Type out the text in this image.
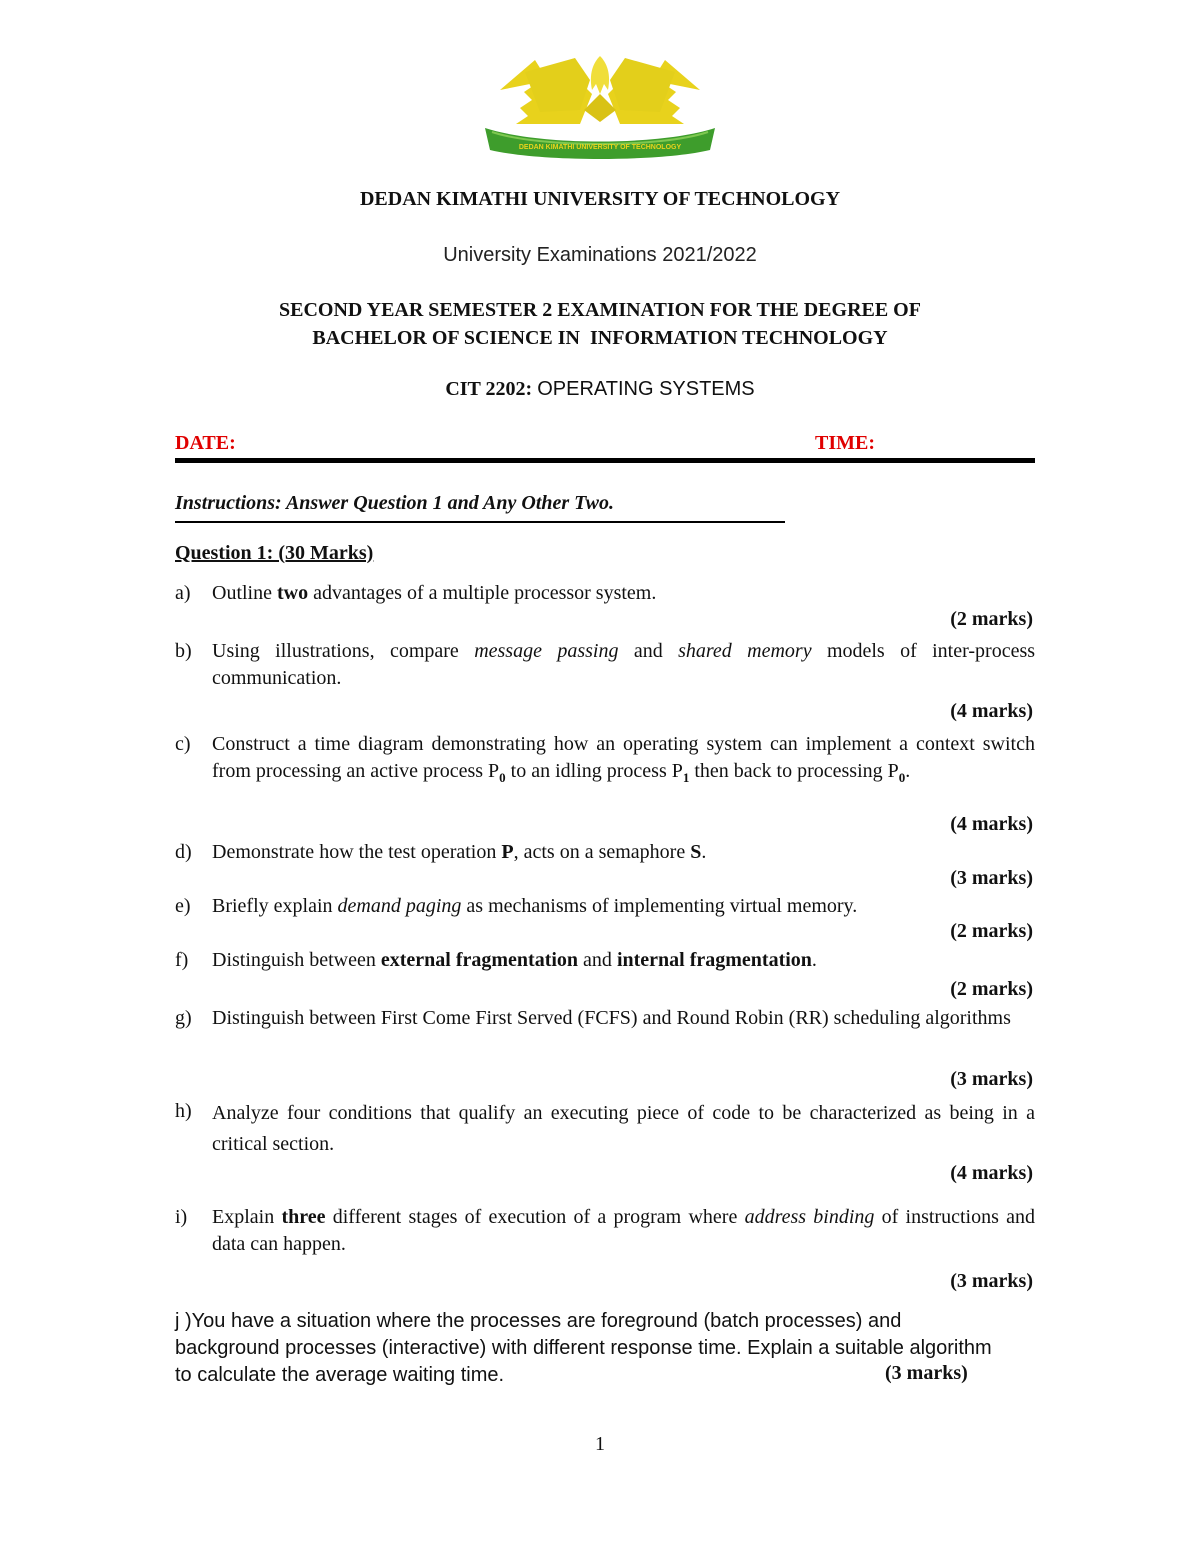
DEDAN KIMATHI UNIVERSITY OF TECHNOLOGY
DEDAN KIMATHI UNIVERSITY OF TECHNOLOGY
University Examinations 2021/2022
SECOND YEAR SEMESTER 2 EXAMINATION FOR THE DEGREE OF
BACHELOR OF SCIENCE IN  INFORMATION TECHNOLOGY
CIT 2202: OPERATING SYSTEMS
DATE:	TIME:
Instructions: Answer Question 1 and Any Other Two.
Question 1: (30 Marks)
a)	Outline two advantages of a multiple processor system.
(2 marks)
b)	Using illustrations, compare message passing and shared memory models of inter-process communication.
(4 marks)
c)	Construct a time diagram demonstrating how an operating system can implement a context switch from processing an active process $P_0$ to an idling process $P_1$ then back to processing $P_0$.
(4 marks)
d)	Demonstrate how the test operation P, acts on a semaphore S.
(3 marks)
e)	Briefly explain demand paging as mechanisms of implementing virtual memory.
(2 marks)
f)	Distinguish between external fragmentation and internal fragmentation.
(2 marks)
g)	Distinguish between First Come First Served (FCFS) and Round Robin (RR) scheduling algorithms
(3 marks)
h)	Analyze four conditions that qualify an executing piece of code to be characterized as being in a critical section.
(4 marks)
i)	Explain three different stages of execution of a program where address binding of instructions and data can happen.
(3 marks)
j )You have a situation where the processes are foreground (batch processes) and background processes (interactive) with different response time. Explain a suitable algorithm to calculate the average waiting time.	(3 marks)
1
